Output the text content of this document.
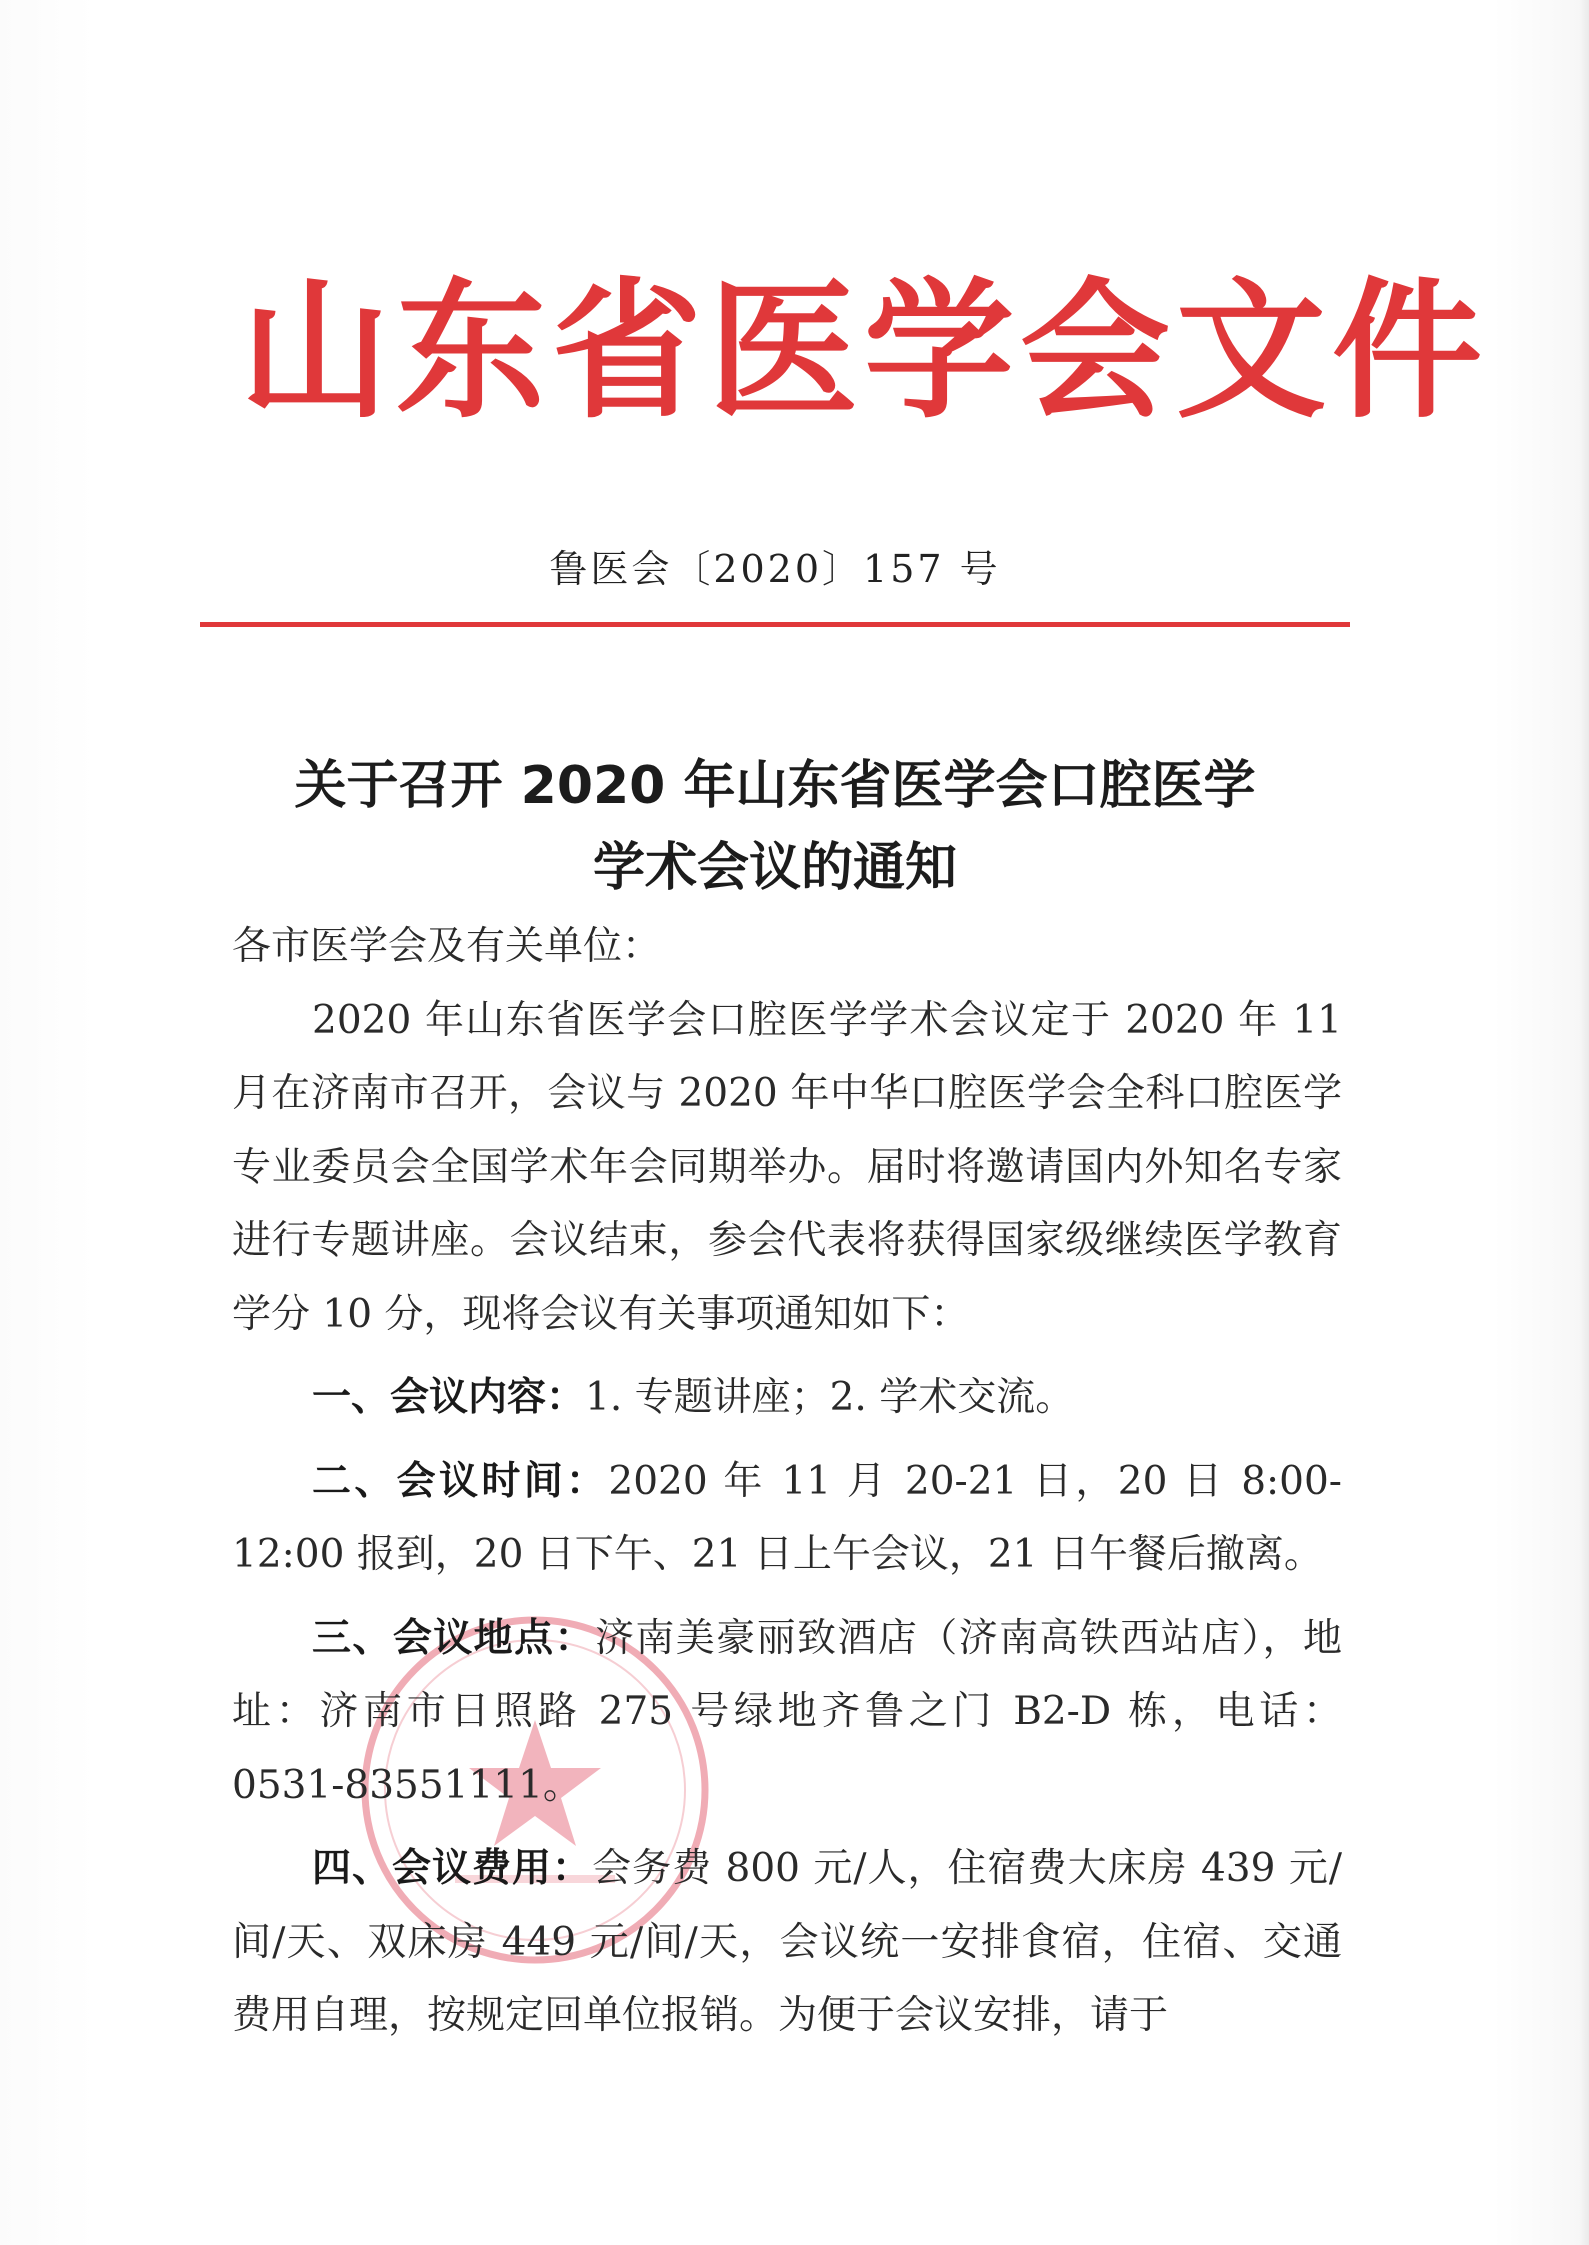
山东省医学会文件
鲁医会〔2020〕157 号
关于召开 2020 年山东省医学会口腔医学
学术会议的通知

各市医学会及有关单位：

2020 年山东省医学会口腔医学学术会议定于 2020 年 11 月在济南市召开，会议与 2020 年中华口腔医学会全科口腔医学专业委员会全国学术年会同期举办。届时将邀请国内外知名专家进行专题讲座。会议结束，参会代表将获得国家级继续医学教育学分 10 分，现将会议有关事项通知如下：

一、会议内容：1. 专题讲座；2. 学术交流。

二、会议时间：2020 年 11 月 20-21 日，20 日 8:00-12:00 报到，20 日下午、21 日上午会议，21 日午餐后撤离。

三、会议地点：济南美豪丽致酒店（济南高铁西站店），地址：济南市日照路 275 号绿地齐鲁之门 B2-D 栋，电话：0531-83551111。

四、会议费用：会务费 800 元/人，住宿费大床房 439 元/间/天、双床房 449 元/间/天，会议统一安排食宿，住宿、交通费用自理，按规定回单位报销。为便于会议安排，请于
